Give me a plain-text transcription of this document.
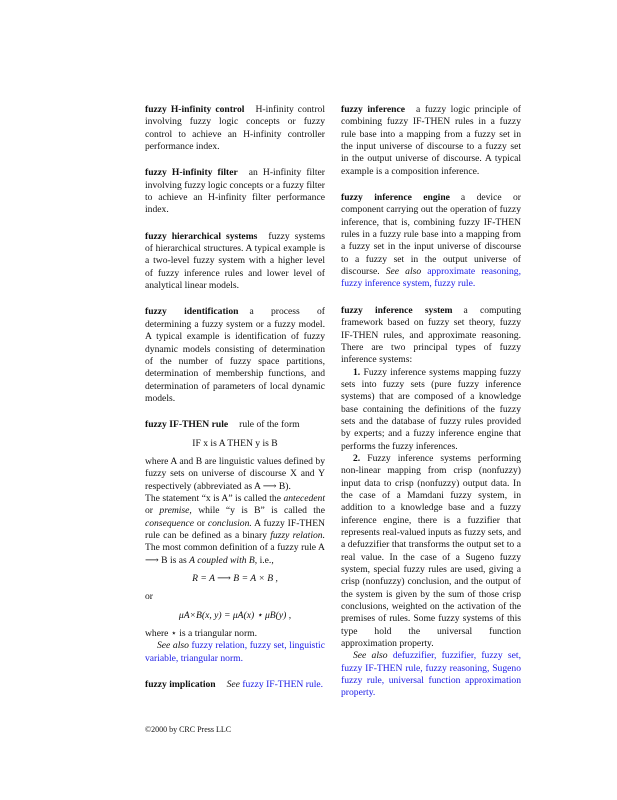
fuzzy H-infinity control H-infinity control involving fuzzy logic concepts or fuzzy control to achieve an H-infinity controller performance index.

fuzzy H-infinity filter an H-infinity filter involving fuzzy logic concepts or a fuzzy filter to achieve an H-infinity filter performance index.

fuzzy hierarchical systems fuzzy systems of hierarchical structures. A typical example is a two-level fuzzy system with a higher level of fuzzy inference rules and lower level of analytical linear models.

fuzzy identification a process of determining a fuzzy system or a fuzzy model. A typical example is identification of fuzzy dynamic models consisting of determination of the number of fuzzy space partitions, determination of membership functions, and determination of parameters of local dynamic models.

fuzzy IF-THEN rule rule of the form

IF x is A THEN y is B

where A and B are linguistic values defined by fuzzy sets on universe of discourse X and Y respectively (abbreviated as A ⟶ B).

The statement “x is A” is called the antecedent or premise, while “y is B” is called the consequence or conclusion. A fuzzy IF-THEN rule can be defined as a binary fuzzy relation. The most common definition of a fuzzy rule A ⟶ B is as A coupled with B, i.e.,

R = A ⟶ B = A × B ,

or

μA×B(x, y) = μA(x) ⋆ μB(y) ,

where ⋆ is a triangular norm.

See also fuzzy relation, fuzzy set, linguistic variable, triangular norm.

fuzzy implication See fuzzy IF-THEN rule.

fuzzy inference a fuzzy logic principle of combining fuzzy IF-THEN rules in a fuzzy rule base into a mapping from a fuzzy set in the input universe of discourse to a fuzzy set in the output universe of discourse. A typical example is a composition inference.

fuzzy inference engine a device or component carrying out the operation of fuzzy inference, that is, combining fuzzy IF-THEN rules in a fuzzy rule base into a mapping from a fuzzy set in the input universe of discourse to a fuzzy set in the output universe of discourse. See also approximate reasoning, fuzzy inference system, fuzzy rule.

fuzzy inference system a computing framework based on fuzzy set theory, fuzzy IF-THEN rules, and approximate reasoning. There are two principal types of fuzzy inference systems:

1. Fuzzy inference systems mapping fuzzy sets into fuzzy sets (pure fuzzy inference systems) that are composed of a knowledge base containing the definitions of the fuzzy sets and the database of fuzzy rules provided by experts; and a fuzzy inference engine that performs the fuzzy inferences.

2. Fuzzy inference systems performing non-linear mapping from crisp (nonfuzzy) input data to crisp (nonfuzzy) output data. In the case of a Mamdani fuzzy system, in addition to a knowledge base and a fuzzy inference engine, there is a fuzzifier that represents real-valued inputs as fuzzy sets, and a defuzzifier that transforms the output set to a real value. In the case of a Sugeno fuzzy system, special fuzzy rules are used, giving a crisp (nonfuzzy) conclusion, and the output of the system is given by the sum of those crisp conclusions, weighted on the activation of the premises of rules. Some fuzzy systems of this type hold the universal function approximation property.

See also defuzzifier, fuzzifier, fuzzy set, fuzzy IF-THEN rule, fuzzy reasoning, Sugeno fuzzy rule, universal function approximation property.

©2000 by CRC Press LLC
